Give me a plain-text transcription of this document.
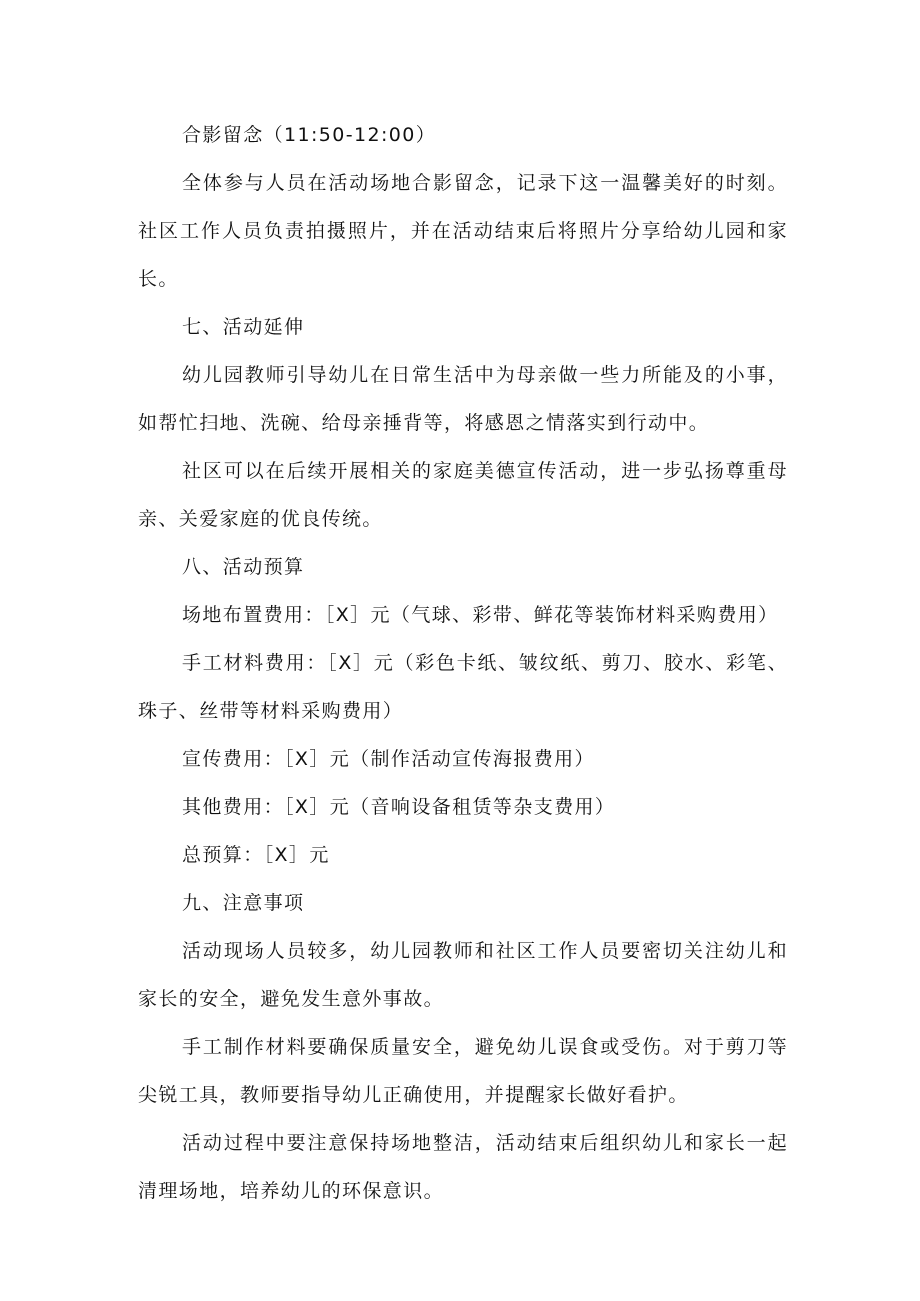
合影留念（11:50-12:00）

全体参与人员在活动场地合影留念，记录下这一温馨美好的时刻。社区工作人员负责拍摄照片，并在活动结束后将照片分享给幼儿园和家长。

七、活动延伸

幼儿园教师引导幼儿在日常生活中为母亲做一些力所能及的小事，如帮忙扫地、洗碗、给母亲捶背等，将感恩之情落实到行动中。

社区可以在后续开展相关的家庭美德宣传活动，进一步弘扬尊重母亲、关爱家庭的优良传统。

八、活动预算

场地布置费用：［X］元（气球、彩带、鲜花等装饰材料采购费用）

手工材料费用：［X］元（彩色卡纸、皱纹纸、剪刀、胶水、彩笔、珠子、丝带等材料采购费用）

宣传费用：［X］元（制作活动宣传海报费用）

其他费用：［X］元（音响设备租赁等杂支费用）

总预算：［X］元

九、注意事项

活动现场人员较多，幼儿园教师和社区工作人员要密切关注幼儿和家长的安全，避免发生意外事故。

手工制作材料要确保质量安全，避免幼儿误食或受伤。对于剪刀等尖锐工具，教师要指导幼儿正确使用，并提醒家长做好看护。

活动过程中要注意保持场地整洁，活动结束后组织幼儿和家长一起清理场地，培养幼儿的环保意识。
